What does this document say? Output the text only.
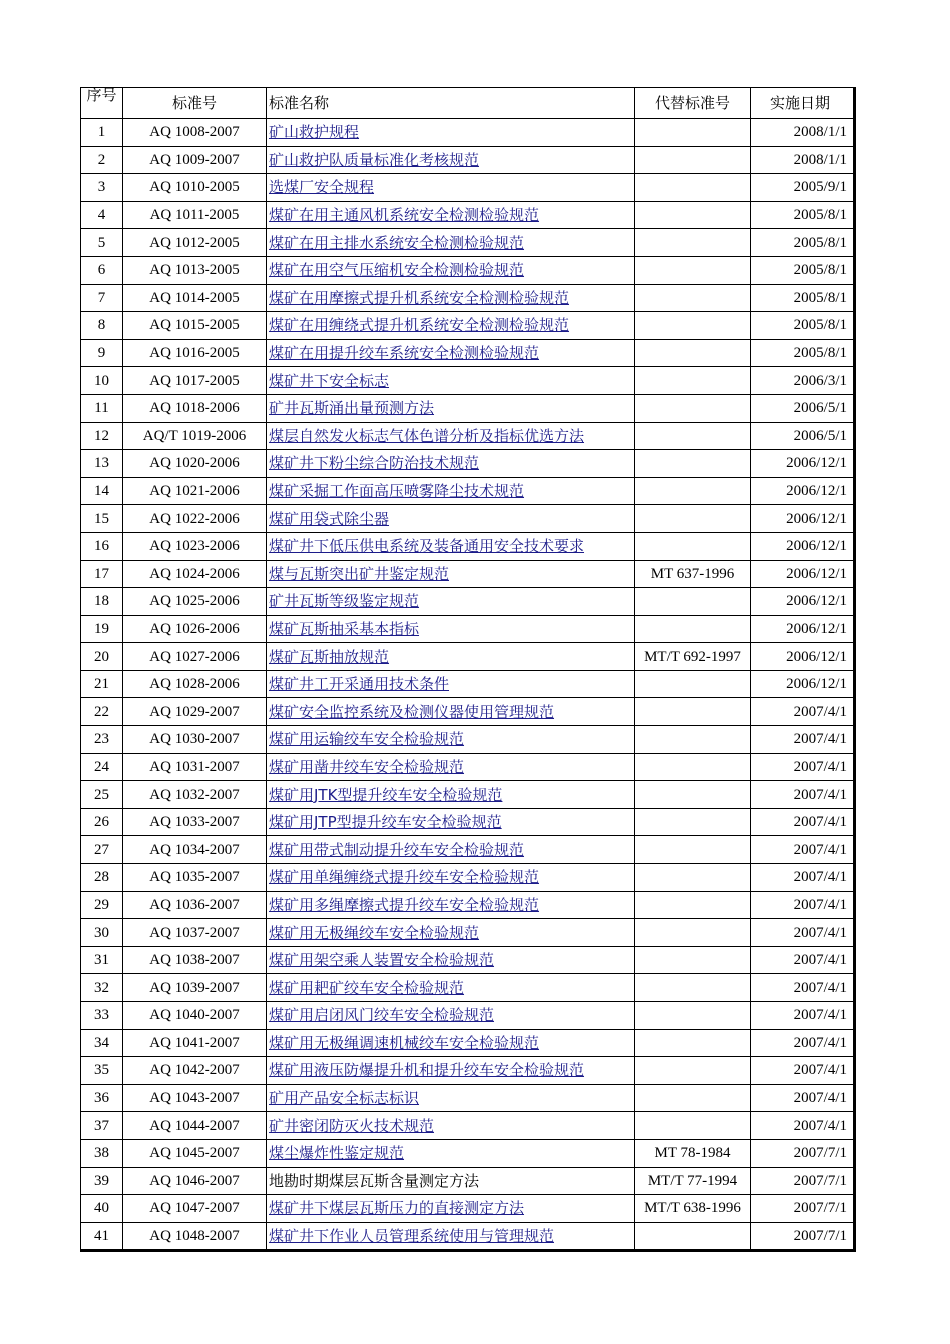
序号	标准号	标准名称	代替标准号	实施日期
1	AQ 1008-2007	矿山救护规程		2008/1/1
2	AQ 1009-2007	矿山救护队质量标准化考核规范		2008/1/1
3	AQ 1010-2005	选煤厂安全规程		2005/9/1
4	AQ 1011-2005	煤矿在用主通风机系统安全检测检验规范		2005/8/1
5	AQ 1012-2005	煤矿在用主排水系统安全检测检验规范		2005/8/1
6	AQ 1013-2005	煤矿在用空气压缩机安全检测检验规范		2005/8/1
7	AQ 1014-2005	煤矿在用摩擦式提升机系统安全检测检验规范		2005/8/1
8	AQ 1015-2005	煤矿在用缠绕式提升机系统安全检测检验规范		2005/8/1
9	AQ 1016-2005	煤矿在用提升绞车系统安全检测检验规范		2005/8/1
10	AQ 1017-2005	煤矿井下安全标志		2006/3/1
11	AQ 1018-2006	矿井瓦斯涌出量预测方法		2006/5/1
12	AQ/T 1019-2006	煤层自然发火标志气体色谱分析及指标优选方法		2006/5/1
13	AQ 1020-2006	煤矿井下粉尘综合防治技术规范		2006/12/1
14	AQ 1021-2006	煤矿采掘工作面高压喷雾降尘技术规范		2006/12/1
15	AQ 1022-2006	煤矿用袋式除尘器		2006/12/1
16	AQ 1023-2006	煤矿井下低压供电系统及装备通用安全技术要求		2006/12/1
17	AQ 1024-2006	煤与瓦斯突出矿井鉴定规范	MT 637-1996	2006/12/1
18	AQ 1025-2006	矿井瓦斯等级鉴定规范		2006/12/1
19	AQ 1026-2006	煤矿瓦斯抽采基本指标		2006/12/1
20	AQ 1027-2006	煤矿瓦斯抽放规范	MT/T 692-1997	2006/12/1
21	AQ 1028-2006	煤矿井工开采通用技术条件		2006/12/1
22	AQ 1029-2007	煤矿安全监控系统及检测仪器使用管理规范		2007/4/1
23	AQ 1030-2007	煤矿用运输绞车安全检验规范		2007/4/1
24	AQ 1031-2007	煤矿用凿井绞车安全检验规范		2007/4/1
25	AQ 1032-2007	煤矿用JTK型提升绞车安全检验规范		2007/4/1
26	AQ 1033-2007	煤矿用JTP型提升绞车安全检验规范		2007/4/1
27	AQ 1034-2007	煤矿用带式制动提升绞车安全检验规范		2007/4/1
28	AQ 1035-2007	煤矿用单绳缠绕式提升绞车安全检验规范		2007/4/1
29	AQ 1036-2007	煤矿用多绳摩擦式提升绞车安全检验规范		2007/4/1
30	AQ 1037-2007	煤矿用无极绳绞车安全检验规范		2007/4/1
31	AQ 1038-2007	煤矿用架空乘人装置安全检验规范		2007/4/1
32	AQ 1039-2007	煤矿用耙矿绞车安全检验规范		2007/4/1
33	AQ 1040-2007	煤矿用启闭风门绞车安全检验规范		2007/4/1
34	AQ 1041-2007	煤矿用无极绳调速机械绞车安全检验规范		2007/4/1
35	AQ 1042-2007	煤矿用液压防爆提升机和提升绞车安全检验规范		2007/4/1
36	AQ 1043-2007	矿用产品安全标志标识		2007/4/1
37	AQ 1044-2007	矿井密闭防灭火技术规范		2007/4/1
38	AQ 1045-2007	煤尘爆炸性鉴定规范	MT 78-1984	2007/7/1
39	AQ 1046-2007	地勘时期煤层瓦斯含量测定方法	MT/T 77-1994	2007/7/1
40	AQ 1047-2007	煤矿井下煤层瓦斯压力的直接测定方法	MT/T 638-1996	2007/7/1
41	AQ 1048-2007	煤矿井下作业人员管理系统使用与管理规范		2007/7/1
